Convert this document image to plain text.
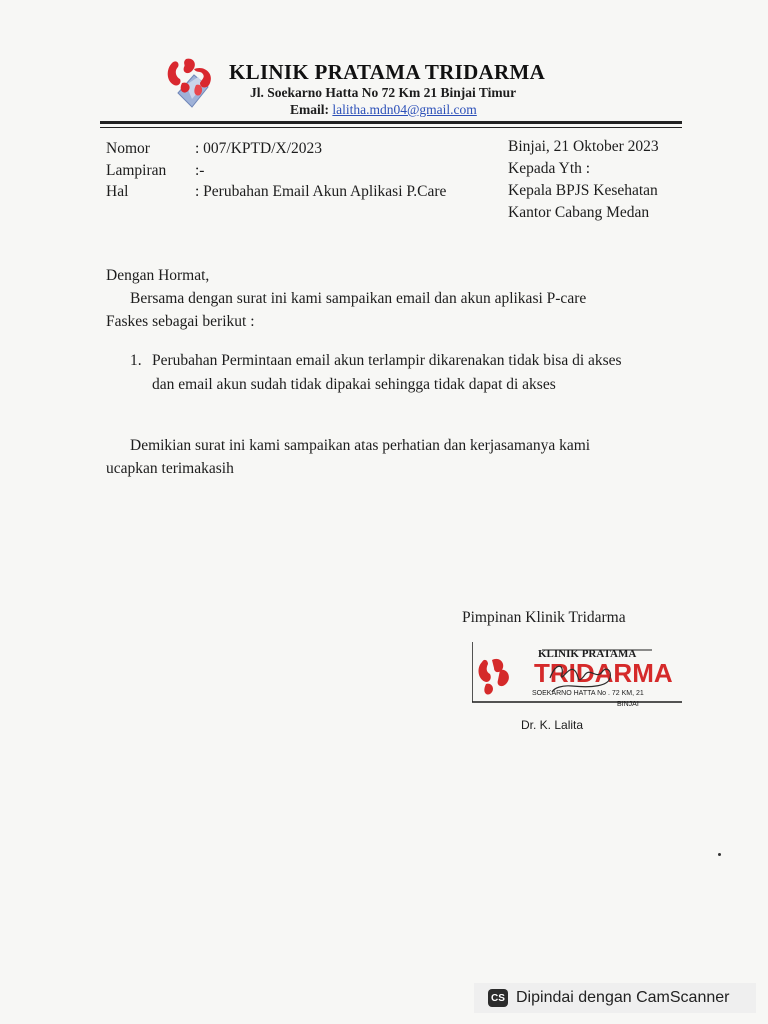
KLINIK PRATAMA TRIDARMA
Jl. Soekarno Hatta No 72 Km 21 Binjai Timur
Email: lalitha.mdn04@gmail.com
Nomor	: 007/KPTD/X/2023
Lampiran :-
Hal	: Perubahan Email Akun Aplikasi P.Care
Binjai, 21 Oktober 2023
Kepada Yth :
Kepala BPJS Kesehatan
Kantor Cabang Medan
Dengan Hormat,
Bersama dengan surat ini kami sampaikan email dan akun aplikasi P-care
Faskes sebagai berikut :
1. Perubahan Permintaan email akun terlampir dikarenakan tidak bisa di akses
dan email akun sudah tidak dipakai sehingga tidak dapat di akses
Demikian surat ini kami sampaikan atas perhatian dan kerjasamanya kami
ucapkan terimakasih
Pimpinan Klinik Tridarma
KLINIK PRATAMA
TRIDARMA
SOEKARNO HATTA No . 72 KM, 21
BINJAI
Dr. K. Lalita
CS Dipindai dengan CamScanner
